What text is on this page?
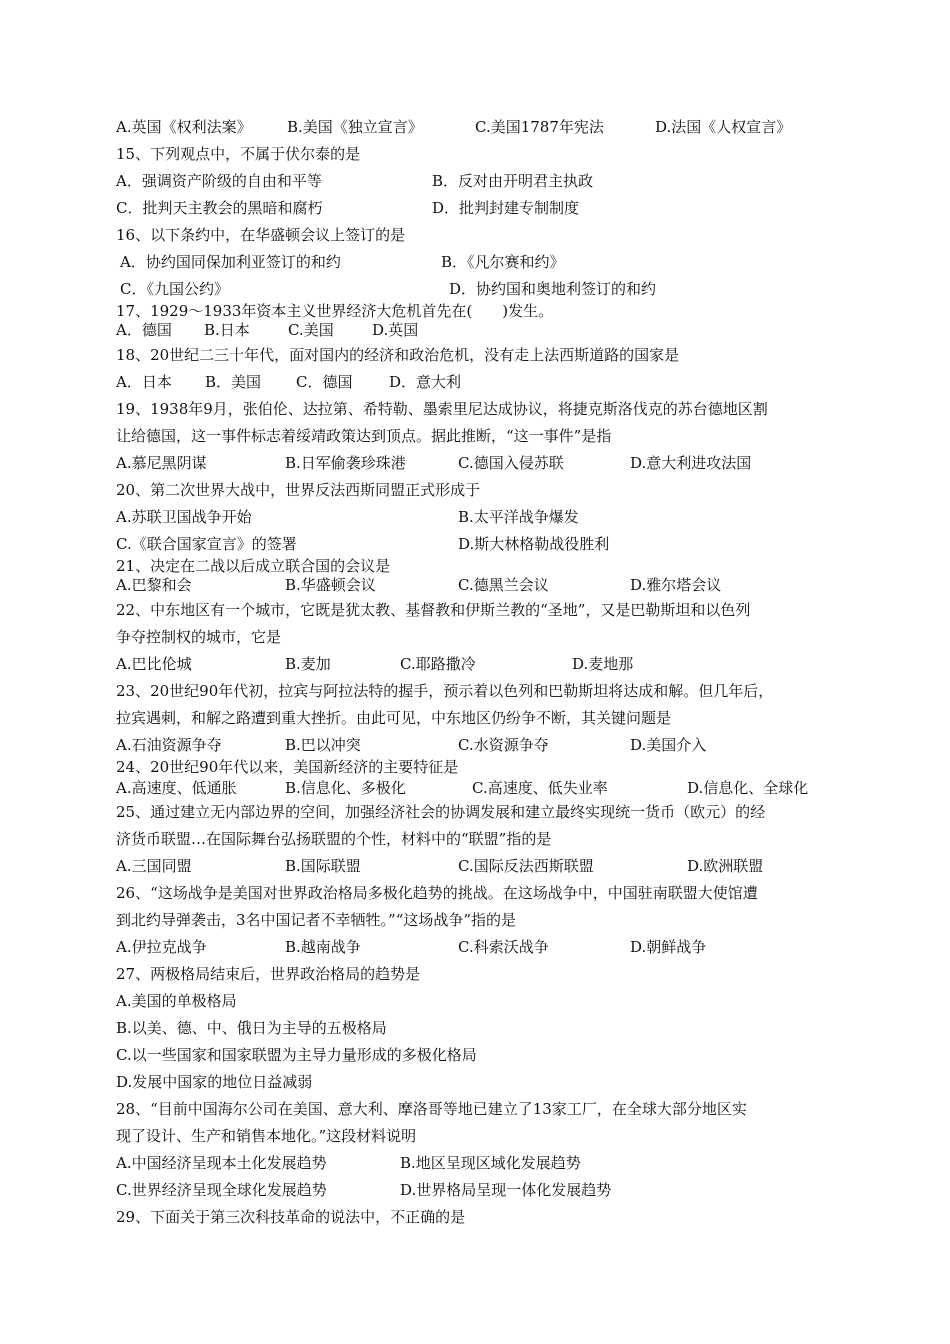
A.英国《权利法案》 B.美国《独立宣言》	C.美国1787年宪法	D.法国《人权宣言》
15、下列观点中，不属于伏尔泰的是
A．强调资产阶级的自由和平等	B．反对由开明君主执政
C．批判天主教会的黑暗和腐朽	D．批判封建专制制度
16、以下条约中，在华盛顿会议上签订的是
A．协约国同保加利亚签订的和约	B．《凡尔赛和约》
C．《九国公约》	D．协约国和奥地利签订的和约
17、1929～1933年资本主义世界经济大危机首先在(　　)发生。
A．德国 B.日本	C.美国	D.英国
18、20世纪二三十年代，面对国内的经济和政治危机，没有走上法西斯道路的国家是
A．日本 B．美国 C．德国 D．意大利
19、1938年9月，张伯伦、达拉第、希特勒、墨索里尼达成协议，将捷克斯洛伐克的苏台德地区割
让给德国，这一事件标志着绥靖政策达到顶点。据此推断，“这一事件”是指
A.慕尼黑阴谋	B.日军偷袭珍珠港	C.德国入侵苏联	D.意大利进攻法国
20、第二次世界大战中，世界反法西斯同盟正式形成于
A.苏联卫国战争开始	B.太平洋战争爆发
C.《联合国家宣言》的签署	D.斯大林格勒战役胜利
21、决定在二战以后成立联合国的会议是
A.巴黎和会	B.华盛顿会议	C.德黑兰会议	D.雅尔塔会议
22、中东地区有一个城市，它既是犹太教、基督教和伊斯兰教的“圣地”，又是巴勒斯坦和以色列
争夺控制权的城市，它是
A.巴比伦城	B.麦加	C.耶路撒冷	D.麦地那
23、20世纪90年代初，拉宾与阿拉法特的握手，预示着以色列和巴勒斯坦将达成和解。但几年后，
拉宾遇刺，和解之路遭到重大挫折。由此可见，中东地区仍纷争不断，其关键问题是
A.石油资源争夺	B.巴以冲突	C.水资源争夺	D.美国介入
24、20世纪90年代以来，美国新经济的主要特征是
A.高速度、低通胀	B.信息化、多极化	C.高速度、低失业率	D.信息化、全球化
25、通过建立无内部边界的空间，加强经济社会的协调发展和建立最终实现统一货币（欧元）的经
济货币联盟…在国际舞台弘扬联盟的个性，材料中的“联盟”指的是
A.三国同盟	B.国际联盟	C.国际反法西斯联盟	D.欧洲联盟
26、“这场战争是美国对世界政治格局多极化趋势的挑战。在这场战争中，中国驻南联盟大使馆遭
到北约导弹袭击，3名中国记者不幸牺牲。”“这场战争”指的是
A.伊拉克战争	B.越南战争	C.科索沃战争	D.朝鲜战争
27、两极格局结束后，世界政治格局的趋势是
A.美国的单极格局
B.以美、德、中、俄日为主导的五极格局
C.以一些国家和国家联盟为主导力量形成的多极化格局
D.发展中国家的地位日益减弱
28、“目前中国海尔公司在美国、意大利、摩洛哥等地已建立了13家工厂，在全球大部分地区实
现了设计、生产和销售本地化。”这段材料说明
A.中国经济呈现本土化发展趋势	B.地区呈现区域化发展趋势
C.世界经济呈现全球化发展趋势	D.世界格局呈现一体化发展趋势
29、下面关于第三次科技革命的说法中，不正确的是
